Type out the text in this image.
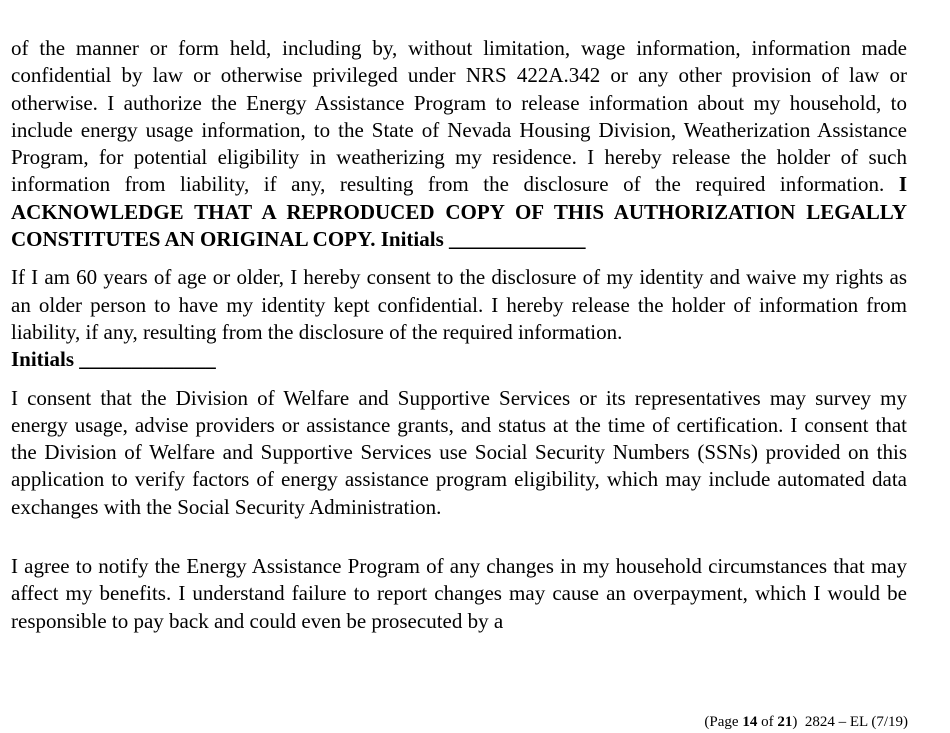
of the manner or form held, including by, without limitation, wage information, information made confidential by law or otherwise privileged under NRS 422A.342 or any other provision of law or otherwise. I authorize the Energy Assistance Program to release information about my household, to include energy usage information, to the State of Nevada Housing Division, Weatherization Assistance Program, for potential eligibility in weatherizing my residence. I hereby release the holder of such information from liability, if any, resulting from the disclosure of the required information. I ACKNOWLEDGE THAT A REPRODUCED COPY OF THIS AUTHORIZATION LEGALLY CONSTITUTES AN ORIGINAL COPY. Initials _____________

If I am 60 years of age or older, I hereby consent to the disclosure of my identity and waive my rights as an older person to have my identity kept confidential. I hereby release the holder of information from liability, if any, resulting from the disclosure of the required information.
Initials _____________

I consent that the Division of Welfare and Supportive Services or its representatives may survey my energy usage, advise providers or assistance grants, and status at the time of certification. I consent that the Division of Welfare and Supportive Services use Social Security Numbers (SSNs) provided on this application to verify factors of energy assistance program eligibility, which may include automated data exchanges with the Social Security Administration.

I agree to notify the Energy Assistance Program of any changes in my household circumstances that may affect my benefits. I understand failure to report changes may cause an overpayment, which I would be responsible to pay back and could even be prosecuted by a

(Page 14 of 21) 2824 – EL (7/19)
